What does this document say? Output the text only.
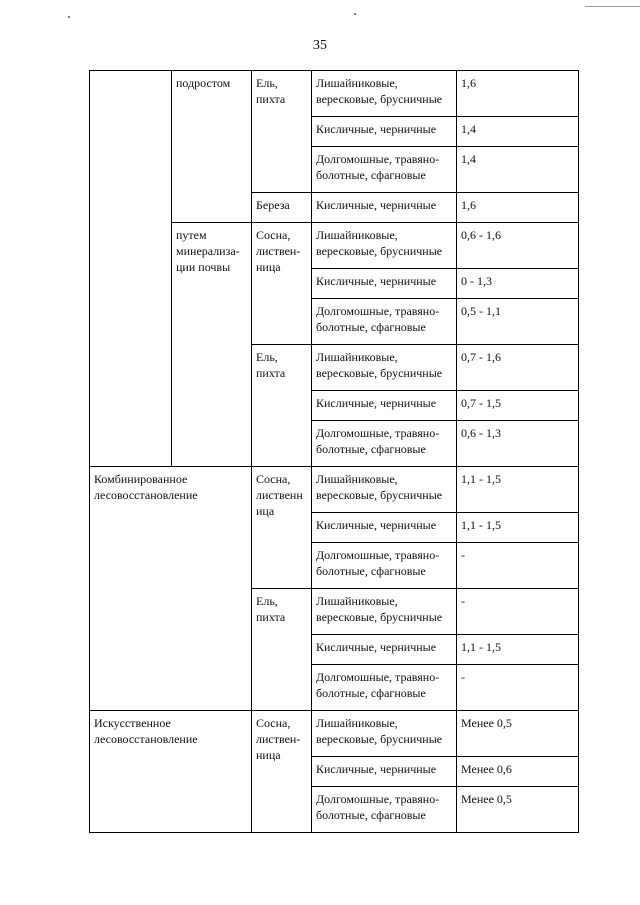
35
	подростом	Ель,
пихта	Лишайниковые,
вересковые, брусничные	1,6
			Кисличные, черничные	1,4
			Долгомошные, травяно-
болотные, сфагновые	1,4
		Береза	Кисличные, черничные	1,6
	путем
минерализа-
ции почвы	Сосна,
листвен-
ница	Лишайниковые,
вересковые, брусничные	0,6 - 1,6
			Кисличные, черничные	0 - 1,3
			Долгомошные, травяно-
болотные, сфагновые	0,5 - 1,1
		Ель,
пихта	Лишайниковые,
вересковые, брусничные	0,7 - 1,6
			Кисличные, черничные	0,7 - 1,5
			Долгомошные, травяно-
болотные, сфагновые	0,6 - 1,3
Комбинированное
лесовосстановление		Сосна,
лиственн
ица	Лишайниковые,
вересковые, брусничные	1,1 - 1,5
			Кисличные, черничные	1,1 - 1,5
			Долгомошные, травяно-
болотные, сфагновые	-
		Ель,
пихта	Лишайниковые,
вересковые, брусничные	-
			Кисличные, черничные	1,1 - 1,5
			Долгомошные, травяно-
болотные, сфагновые	-
Искусственное
лесовосстановление		Сосна,
листвен-
ница	Лишайниковые,
вересковые, брусничные	Менее 0,5
			Кисличные, черничные	Менее 0,6
			Долгомошные, травяно-
болотные, сфагновые	Менее 0,5
